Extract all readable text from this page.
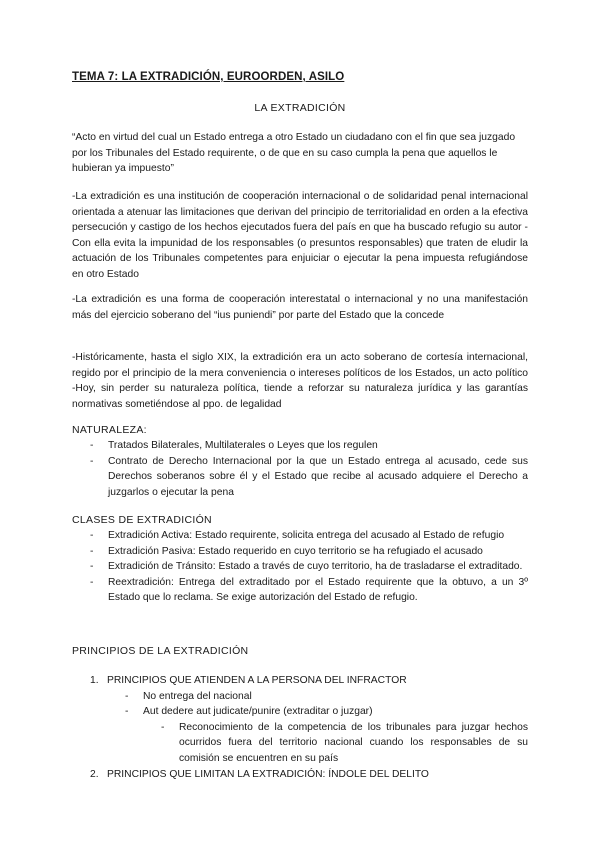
TEMA 7: LA EXTRADICIÓN, EUROORDEN, ASILO
LA EXTRADICIÓN

“Acto en virtud del cual un Estado entrega a otro Estado un ciudadano con el fin que sea juzgado por los Tribunales del Estado requirente, o de que en su caso cumpla la pena que aquellos le hubieran ya impuesto”

-La extradición es una institución de cooperación internacional o de solidaridad penal internacional orientada a atenuar las limitaciones que derivan del principio de territorialidad en orden a la efectiva persecución y castigo de los hechos ejecutados fuera del país en que ha buscado refugio su autor -Con ella evita la impunidad de los responsables (o presuntos responsables) que traten de eludir la actuación de los Tribunales competentes para enjuiciar o ejecutar la pena impuesta refugiándose en otro Estado

-La extradición es una forma de cooperación interestatal o internacional y no una manifestación más del ejercicio soberano del “ius puniendi” por parte del Estado que la concede

-Históricamente, hasta el siglo XIX, la extradición era un acto soberano de cortesía internacional, regido por el principio de la mera conveniencia o intereses políticos de los Estados, un acto político -Hoy, sin perder su naturaleza política, tiende a reforzar su naturaleza jurídica y las garantías normativas sometiéndose al ppo. de legalidad

NATURALEZA:

- Tratados Bilaterales, Multilaterales o Leyes que los regulen
- Contrato de Derecho Internacional por la que un Estado entrega al acusado, cede sus Derechos soberanos sobre él y el Estado que recibe al acusado adquiere el Derecho a juzgarlos o ejecutar la pena

CLASES DE EXTRADICIÓN

- Extradición Activa: Estado requirente, solicita entrega del acusado al Estado de refugio
- Extradición Pasiva: Estado requerido en cuyo territorio se ha refugiado el acusado
- Extradición de Tránsito: Estado a través de cuyo territorio, ha de trasladarse el extraditado.
- Reextradición: Entrega del extraditado por el Estado requirente que la obtuvo, a un 3º Estado que lo reclama. Se exige autorización del Estado de refugio.

PRINCIPIOS DE LA EXTRADICIÓN

1. PRINCIPIOS QUE ATIENDEN A LA PERSONA DEL INFRACTOR
- No entrega del nacional
- Aut dedere aut judicate/punire (extraditar o juzgar)
- Reconocimiento de la competencia de los tribunales para juzgar hechos ocurridos fuera del territorio nacional cuando los responsables de su comisión se encuentren en su país
2. PRINCIPIOS QUE LIMITAN LA EXTRADICIÓN: ÍNDOLE DEL DELITO
